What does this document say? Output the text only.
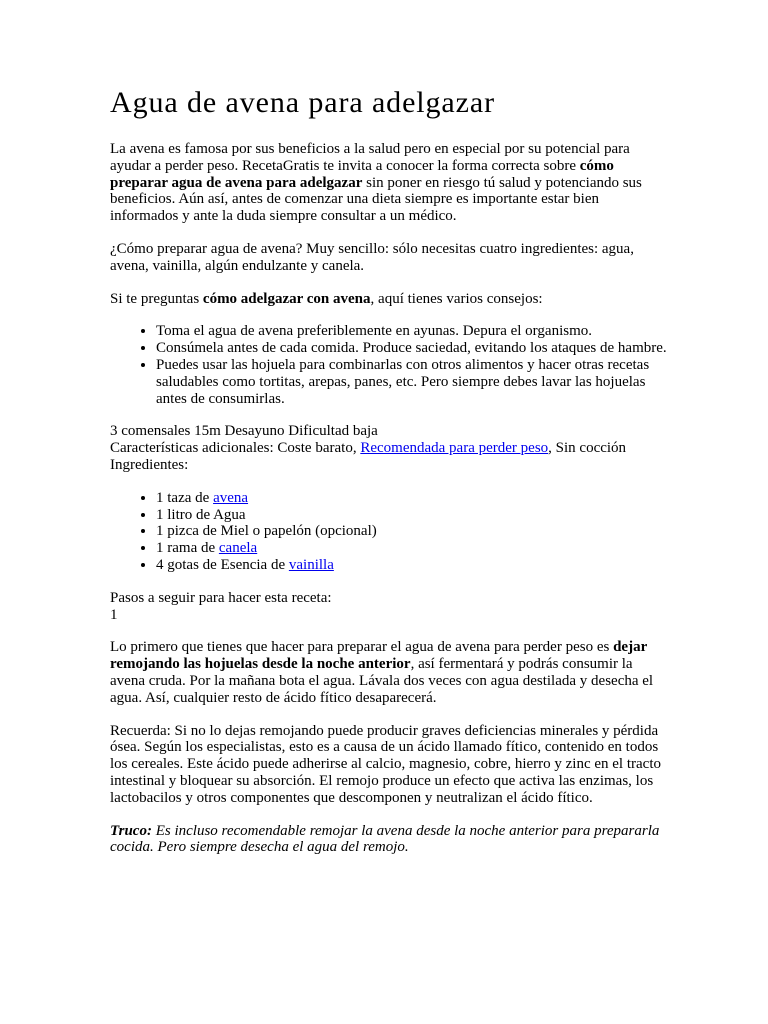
Agua de avena para adelgazar

La avena es famosa por sus beneficios a la salud pero en especial por su potencial para ayudar a perder peso. RecetaGratis te invita a conocer la forma correcta sobre cómo preparar agua de avena para adelgazar sin poner en riesgo tú salud y potenciando sus beneficios. Aún así, antes de comenzar una dieta siempre es importante estar bien informados y ante la duda siempre consultar a un médico.

¿Cómo preparar agua de avena? Muy sencillo: sólo necesitas cuatro ingredientes: agua, avena, vainilla, algún endulzante y canela.

Si te preguntas cómo adelgazar con avena, aquí tienes varios consejos:

• Toma el agua de avena preferiblemente en ayunas. Depura el organismo.
• Consúmela antes de cada comida. Produce saciedad, evitando los ataques de hambre.
• Puedes usar las hojuela para combinarlas con otros alimentos y hacer otras recetas saludables como tortitas, arepas, panes, etc. Pero siempre debes lavar las hojuelas antes de consumirlas.
3 comensales 15m Desayuno Dificultad baja
Características adicionales: Coste barato, Recomendada para perder peso, Sin cocción
Ingredientes:
• 1 taza de avena
• 1 litro de Agua
• 1 pizca de Miel o papelón (opcional)
• 1 rama de canela
• 4 gotas de Esencia de vainilla
Pasos a seguir para hacer esta receta:
1

Lo primero que tienes que hacer para preparar el agua de avena para perder peso es dejar remojando las hojuelas desde la noche anterior, así fermentará y podrás consumir la avena cruda. Por la mañana bota el agua. Lávala dos veces con agua destilada y desecha el agua. Así, cualquier resto de ácido fítico desaparecerá.

Recuerda: Si no lo dejas remojando puede producir graves deficiencias minerales y pérdida ósea. Según los especialistas, esto es a causa de un ácido llamado fítico, contenido en todos los cereales. Este ácido puede adherirse al calcio, magnesio, cobre, hierro y zinc en el tracto intestinal y bloquear su absorción. El remojo produce un efecto que activa las enzimas, los lactobacilos y otros componentes que descomponen y neutralizan el ácido fítico.

Truco: Es incluso recomendable remojar la avena desde la noche anterior para prepararla cocida. Pero siempre desecha el agua del remojo.
